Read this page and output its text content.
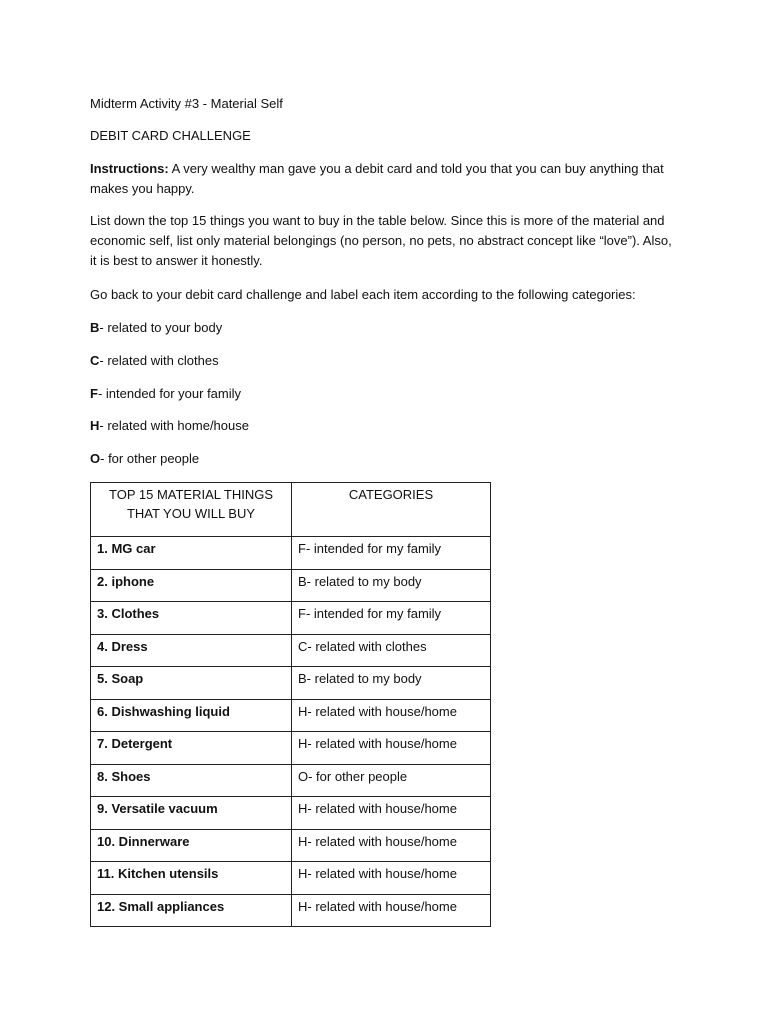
Midterm Activity #3 - Material Self
DEBIT CARD CHALLENGE
Instructions: A very wealthy man gave you a debit card and told you that you can buy anything that makes you happy.
List down the top 15 things you want to buy in the table below. Since this is more of the material and economic self, list only material belongings (no person, no pets, no abstract concept like “love”). Also, it is best to answer it honestly.
Go back to your debit card challenge and label each item according to the following categories:
B- related to your body
C- related with clothes
F- intended for your family
H- related with home/house
O- for other people
TOP 15 MATERIAL THINGS THAT YOU WILL BUY	CATEGORIES

1. MG car	F- intended for my family
2. iphone	B- related to my body
3. Clothes	F- intended for my family
4. Dress	C- related with clothes
5. Soap	B- related to my body
6. Dishwashing liquid	H- related with house/home
7. Detergent	H- related with house/home
8. Shoes	O- for other people
9. Versatile vacuum	H- related with house/home
10. Dinnerware	H- related with house/home
11. Kitchen utensils	H- related with house/home
12. Small appliances	H- related with house/home
